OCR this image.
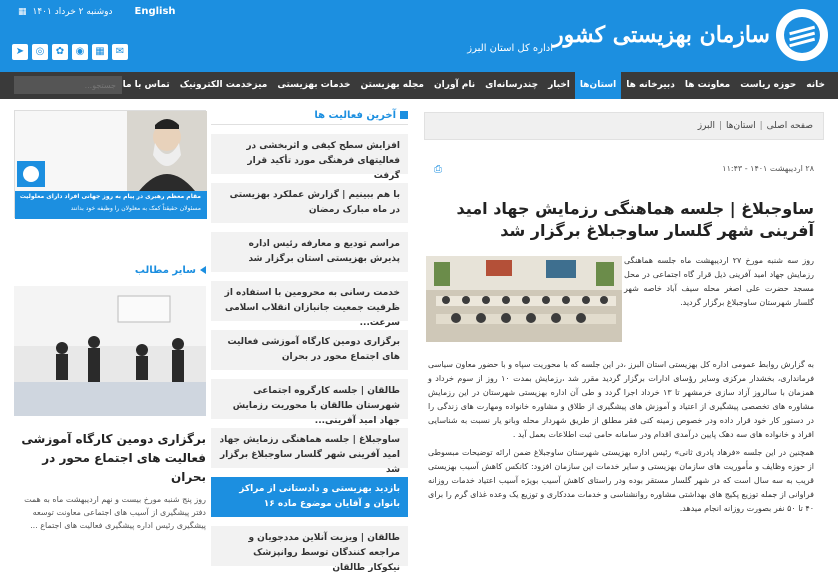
▦ دوشنبه ۲ خرداد ۱۴۰۱ English
سازمان بهزیستی کشور
اداره کل استان البرز
➤	◎	✿	◉	▦	✉
خانه
حوزه ریاست
معاونت ها
دبیرخانه ها
استان‌ها
اخبار
چندرسانه‌ای
نام آوران
مجله بهزیستن
خدمات بهزیستی
میزخدمت الکترونیک
تماس با ما
جستجو...
صفحه اصلی
|
استان‌ها
|
البرز
۲۸ اردیبهشت ۱۴۰۱ - ۱۱:۴۳
⎙
ساوجبلاغ | جلسه هماهنگی رزمایش جهاد امید آفرینی شهر گلسار ساوجبلاغ برگزار شد
روز سه شنبه مورخ ۲۷ اردیبهشت ماه جلسه هماهنگی رزمایش جهاد امید آفرینی ذیل قرار گاه اجتماعی در محل مسجد حضرت علی اصغر محله سیف آباد خاصه شهر گلسار شهرستان ساوجبلاغ برگزار گردید.
به گزارش روابط عمومی اداره کل بهزیستی استان البرز ،در این جلسه که با محوریت سپاه و با حضور معاون سیاسی فرمانداری، بخشدار مرکزی وسایر رؤسای ادارات برگزار گردید مقرر شد ،رزمایش بمدت ۱۰ روز از سوم خرداد و همزمان با سالروز آزاد سازی خرمشهر تا ۱۳ خرداد اجرا گردد و طی آن اداره بهزیستی شهرستان در این رزمایش مشاوره های تخصصی پیشگیری از اعتیاد و آموزش های پیشگیری از طلاق و مشاوره خانواده ومهارت های زندگی را در دستور کار خود قرار داده ودر خصوص زمینه کنی فقر مطلق از طریق شهردار محله وبانو یار نسبت به شناسایی افراد و خانواده های سه دهک پایین درآمدی اقدام ودر سامانه حامی ثبت اطلاعات بعمل آید .
همچنین در این جلسه «فرهاد پادری ثانی» رئیس اداره بهزیستی شهرستان ساوجبلاغ ضمن ارائه توضیحات مبسوطی از حوزه وظایف و مأموریت های سازمان بهزیستی و سایر خدمات این سازمان افزود: کانکس کاهش آسیب بهزیستی قریب به سه سال است که در شهر گلسار مستقر بوده ودر راستای کاهش آسیب بویژه آسیب اعتیاد خدمات روزانه فراوانی از جمله توزیع پکیج های بهداشتی مشاوره روانشناسی و خدمات مددکاری و توزیع یک وعده غذای گرم را برای ۴۰ تا ۵۰ نفر بصورت روزانه انجام میدهد.
آخرین فعالیت ها
افزایش سطح کیفی و اثربخشی در فعالیتهای فرهنگی مورد تأکید قرار گرفت
با هم ببینیم | گزارش عملکرد بهزیستی در ماه مبارک رمضان
مراسم تودیع و معارفه رئیس اداره پذیرش بهزیستی استان برگزار شد
خدمت رسانی به محرومین با استفاده از ظرفیت جمعیت جانبازان انقلاب اسلامی سرعت...
برگزاری دومین کارگاه آموزشی فعالیت های اجتماع محور در بحران
طالقان | جلسه کارگروه اجتماعی شهرستان طالقان با محوریت رزمایش جهاد امید آفرینی...
ساوجبلاغ | جلسه هماهنگی رزمایش جهاد امید آفرینی شهر گلسار ساوجبلاغ برگزار شد
بازدید بهزیستی و دادستانی از مراکز بانوان و آقایان موضوع ماده ۱۶
طالقان | ویزیت آنلاین مددجویان و مراجعه کنندگان توسط روانپزشک نیکوکار طالقان
مقام معظم رهبری در پیام به روز جهانی افراد دارای معلولیت
مسئولان حقیقتاً کمک به معلولان را وظیفه خود بدانند
سایر مطالب
برگزاری دومین کارگاه آموزشی فعالیت های اجتماع محور در بحران
روز پنج شنبه مورخ بیست و نهم اردیبهشت ماه به همت دفتر پیشگیری از آسیب های اجتماعی معاونت توسعه پیشگیری رئیس اداره پیشگیری فعالیت های اجتماع ...
